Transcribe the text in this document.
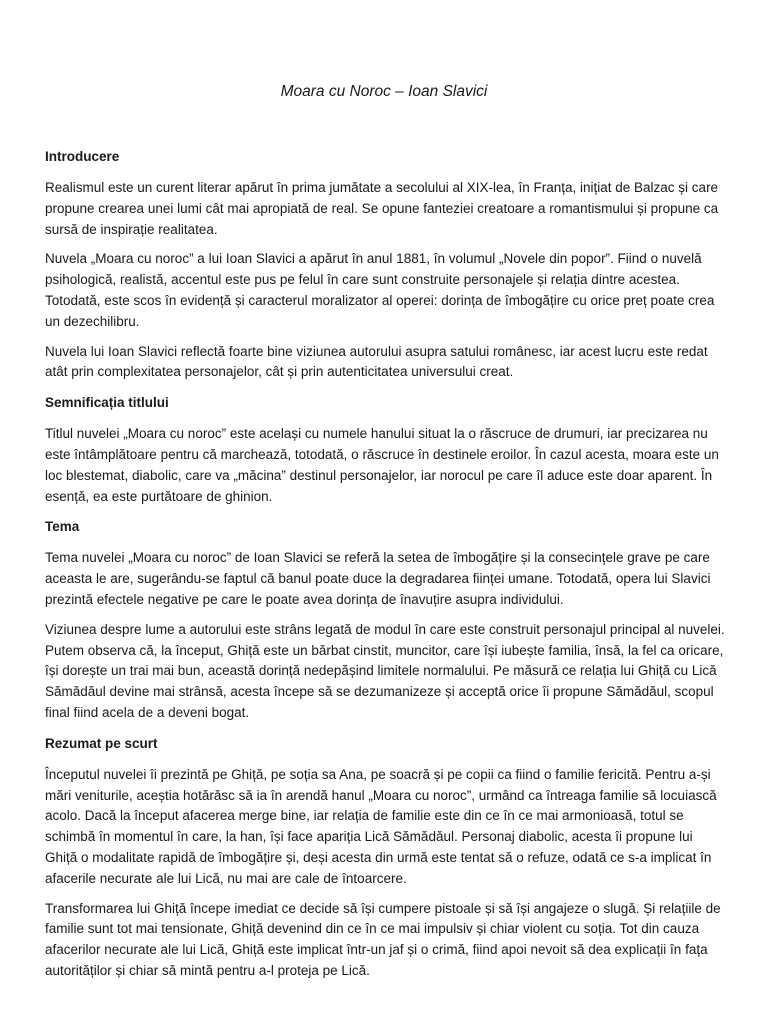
Moara cu Noroc – Ioan Slavici
Introducere

Realismul este un curent literar apărut în prima jumătate a secolului al XIX-lea, în Franța, inițiat de Balzac și care propune crearea unei lumi cât mai apropiată de real. Se opune fanteziei creatoare a romantismului și propune ca sursă de inspirație realitatea.

Nuvela „Moara cu noroc” a lui Ioan Slavici a apărut în anul 1881, în volumul „Novele din popor”. Fiind o nuvelă psihologică, realistă, accentul este pus pe felul în care sunt construite personajele și relația dintre acestea. Totodată, este scos în evidență și caracterul moralizator al operei: dorința de îmbogățire cu orice preț poate crea un dezechilibru.

Nuvela lui Ioan Slavici reflectă foarte bine viziunea autorului asupra satului românesc, iar acest lucru este redat atât prin complexitatea personajelor, cât și prin autenticitatea universului creat.

Semnificația titlului

Titlul nuvelei „Moara cu noroc” este același cu numele hanului situat la o răscruce de drumuri, iar precizarea nu este întâmplătoare pentru că marchează, totodată, o răscruce în destinele eroilor. În cazul acesta, moara este un loc blestemat, diabolic, care va „măcina” destinul personajelor, iar norocul pe care îl aduce este doar aparent. În esență, ea este purtătoare de ghinion.

Tema

Tema nuvelei „Moara cu noroc” de Ioan Slavici se referă la setea de îmbogățire și la consecințele grave pe care aceasta le are, sugerându-se faptul că banul poate duce la degradarea ființei umane. Totodată, opera lui Slavici prezintă efectele negative pe care le poate avea dorința de înavuțire asupra individului.

Viziunea despre lume a autorului este strâns legată de modul în care este construit personajul principal al nuvelei. Putem observa că, la început, Ghiță este un bărbat cinstit, muncitor, care își iubește familia, însă, la fel ca oricare, își dorește un trai mai bun, această dorință nedepășind limitele normalului. Pe măsură ce relația lui Ghiță cu Lică Sămădăul devine mai strânsă, acesta începe să se dezumanizeze și acceptă orice îi propune Sămădăul, scopul final fiind acela de a deveni bogat.

Rezumat pe scurt

Începutul nuvelei îi prezintă pe Ghiță, pe soția sa Ana, pe soacră și pe copii ca fiind o familie fericită. Pentru a-și mări veniturile, aceștia hotărăsc să ia în arendă hanul „Moara cu noroc”, urmând ca întreaga familie să locuiască acolo. Dacă la început afacerea merge bine, iar relația de familie este din ce în ce mai armonioasă, totul se schimbă în momentul în care, la han, își face apariția Lică Sămădăul. Personaj diabolic, acesta îi propune lui Ghiță o modalitate rapidă de îmbogățire și, deși acesta din urmă este tentat să o refuze, odată ce s-a implicat în afacerile necurate ale lui Lică, nu mai are cale de întoarcere.

Transformarea lui Ghiță începe imediat ce decide să își cumpere pistoale și să își angajeze o slugă. Și relațiile de familie sunt tot mai tensionate, Ghiță devenind din ce în ce mai impulsiv și chiar violent cu soția. Tot din cauza afacerilor necurate ale lui Lică, Ghiță este implicat într-un jaf și o crimă, fiind apoi nevoit să dea explicații în fața autorităților și chiar să mintă pentru a-l proteja pe Lică.
